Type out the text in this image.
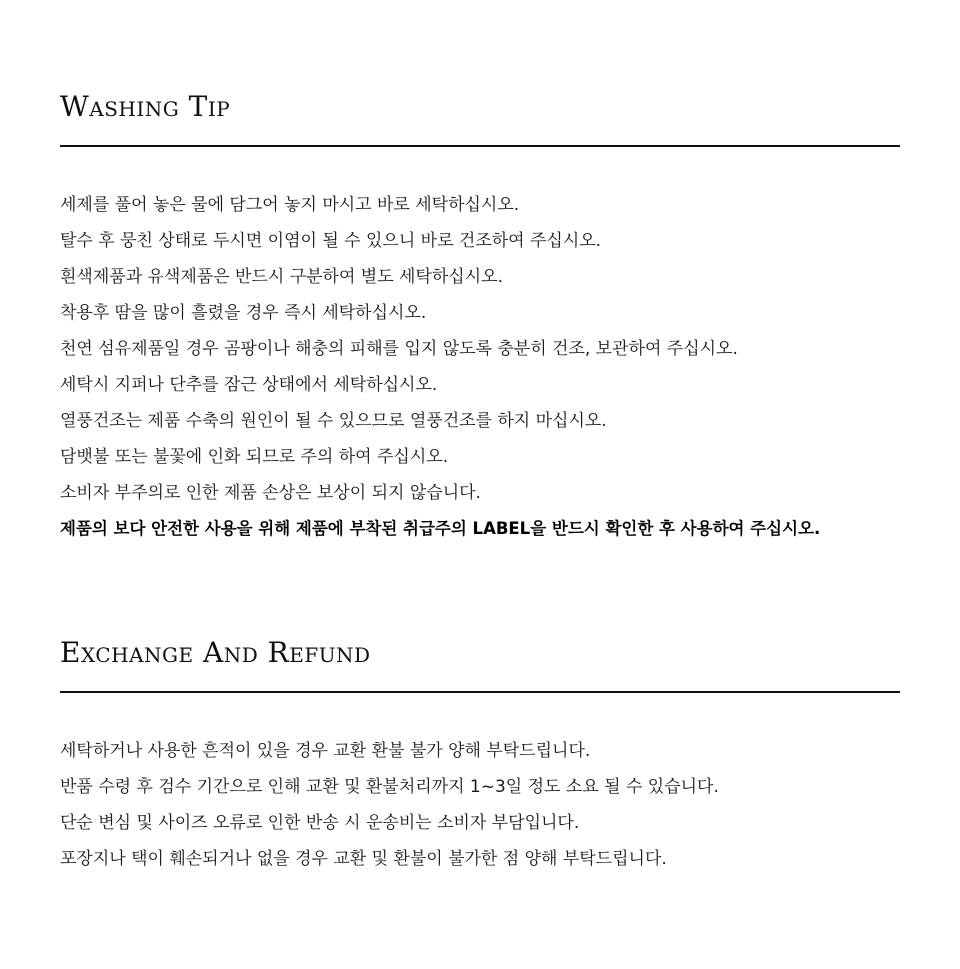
Washing Tip
세제를 풀어 놓은 물에 담그어 놓지 마시고 바로 세탁하십시오.
탈수 후 뭉친 상태로 두시면 이염이 될 수 있으니 바로 건조하여 주십시오.
흰색제품과 유색제품은 반드시 구분하여 별도 세탁하십시오.
착용후 땀을 많이 흘렸을 경우 즉시 세탁하십시오.
천연 섬유제품일 경우 곰팡이나 해충의 피해를 입지 않도록 충분히 건조, 보관하여 주십시오.
세탁시 지퍼나 단추를 잠근 상태에서 세탁하십시오.
열풍건조는 제품 수축의 원인이 될 수 있으므로 열풍건조를 하지 마십시오.
담뱃불 또는 불꽃에 인화 되므로 주의 하여 주십시오.
소비자 부주의로 인한 제품 손상은 보상이 되지 않습니다.
제품의 보다 안전한 사용을 위해 제품에 부착된 취급주의 LABEL을 반드시 확인한 후 사용하여 주십시오.
Exchange And Refund
세탁하거나 사용한 흔적이 있을 경우 교환 환불 불가 양해 부탁드립니다.
반품 수령 후 검수 기간으로 인해 교환 및 환불처리까지 1~3일 정도 소요 될 수 있습니다.
단순 변심 및 사이즈 오류로 인한 반송 시 운송비는 소비자 부담입니다.
포장지나 택이 훼손되거나 없을 경우 교환 및 환불이 불가한 점 양해 부탁드립니다.
